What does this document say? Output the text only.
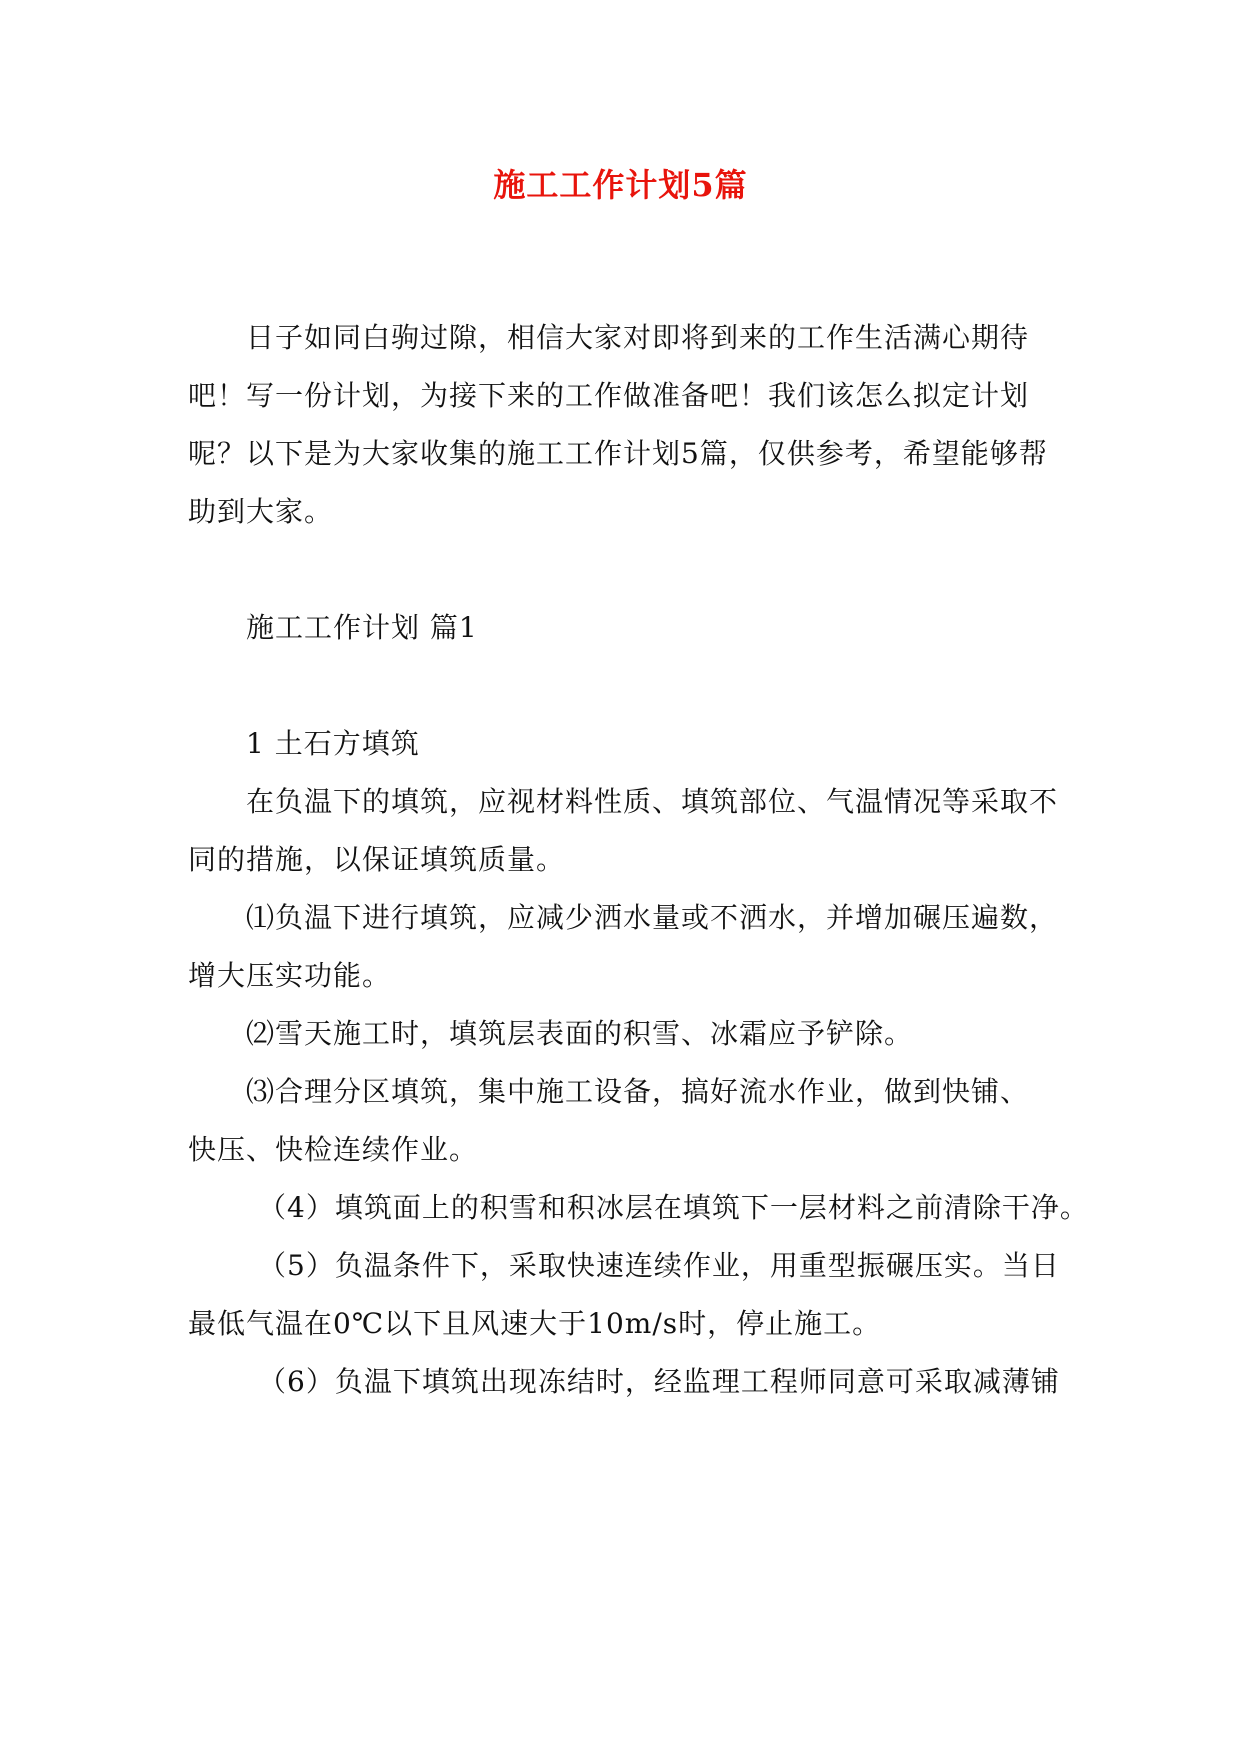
施工工作计划5篇
日子如同白驹过隙，相信大家对即将到来的工作生活满心期待
吧！写一份计划，为接下来的工作做准备吧！我们该怎么拟定计划
呢？以下是为大家收集的施工工作计划5篇，仅供参考，希望能够帮
助到大家。
施工工作计划 篇1
1 土石方填筑
在负温下的填筑，应视材料性质、填筑部位、气温情况等采取不
同的措施，以保证填筑质量。
⑴负温下进行填筑，应减少洒水量或不洒水，并增加碾压遍数，
增大压实功能。
⑵雪天施工时，填筑层表面的积雪、冰霜应予铲除。
⑶合理分区填筑，集中施工设备，搞好流水作业，做到快铺、
快压、快检连续作业。
（4）填筑面上的积雪和积冰层在填筑下一层材料之前清除干净。
（5）负温条件下，采取快速连续作业，用重型振碾压实。当日
最低气温在0℃以下且风速大于10m/s时，停止施工。
（6）负温下填筑出现冻结时，经监理工程师同意可采取减薄铺
